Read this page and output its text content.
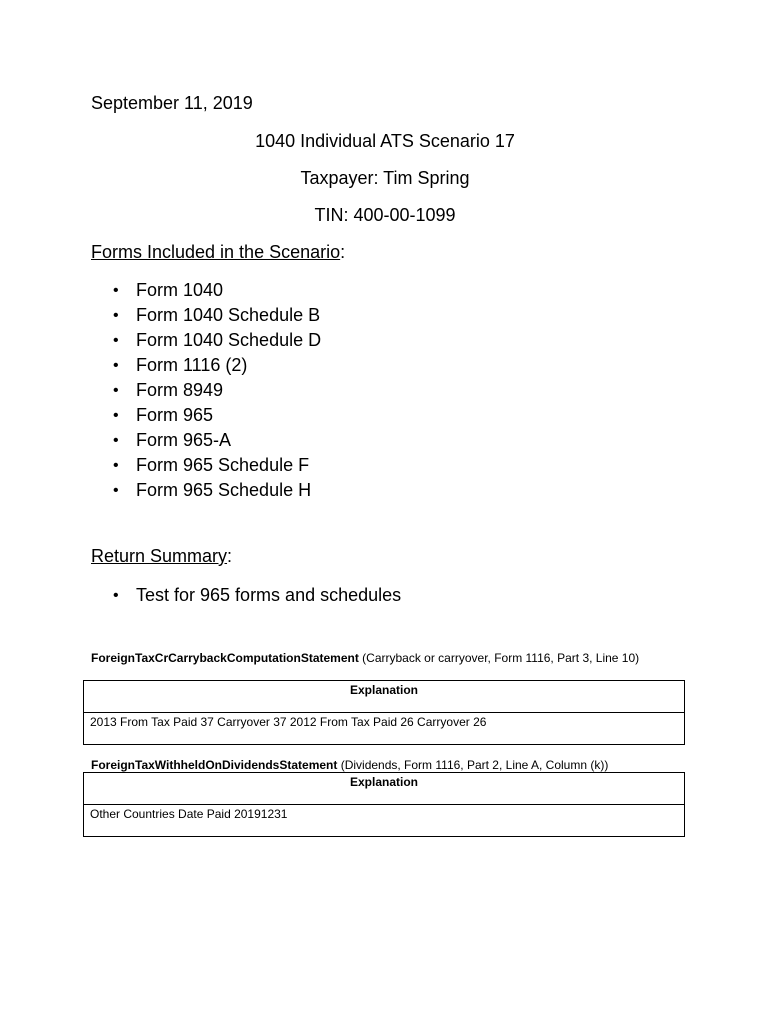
September 11, 2019
1040 Individual ATS Scenario 17
Taxpayer: Tim Spring
TIN: 400-00-1099
Forms Included in the Scenario:
• Form 1040
• Form 1040 Schedule B
• Form 1040 Schedule D
• Form 1116 (2)
• Form 8949
• Form 965
• Form 965-A
• Form 965 Schedule F
• Form 965 Schedule H
Return Summary:
• Test for 965 forms and schedules
ForeignTaxCrCarrybackComputationStatement (Carryback or carryover, Form 1116, Part 3, Line 10)
Explanation
2013 From Tax Paid 37 Carryover 37 2012 From Tax Paid 26 Carryover 26
ForeignTaxWithheldOnDividendsStatement (Dividends, Form 1116, Part 2, Line A, Column (k))
Explanation
Other Countries Date Paid 20191231
